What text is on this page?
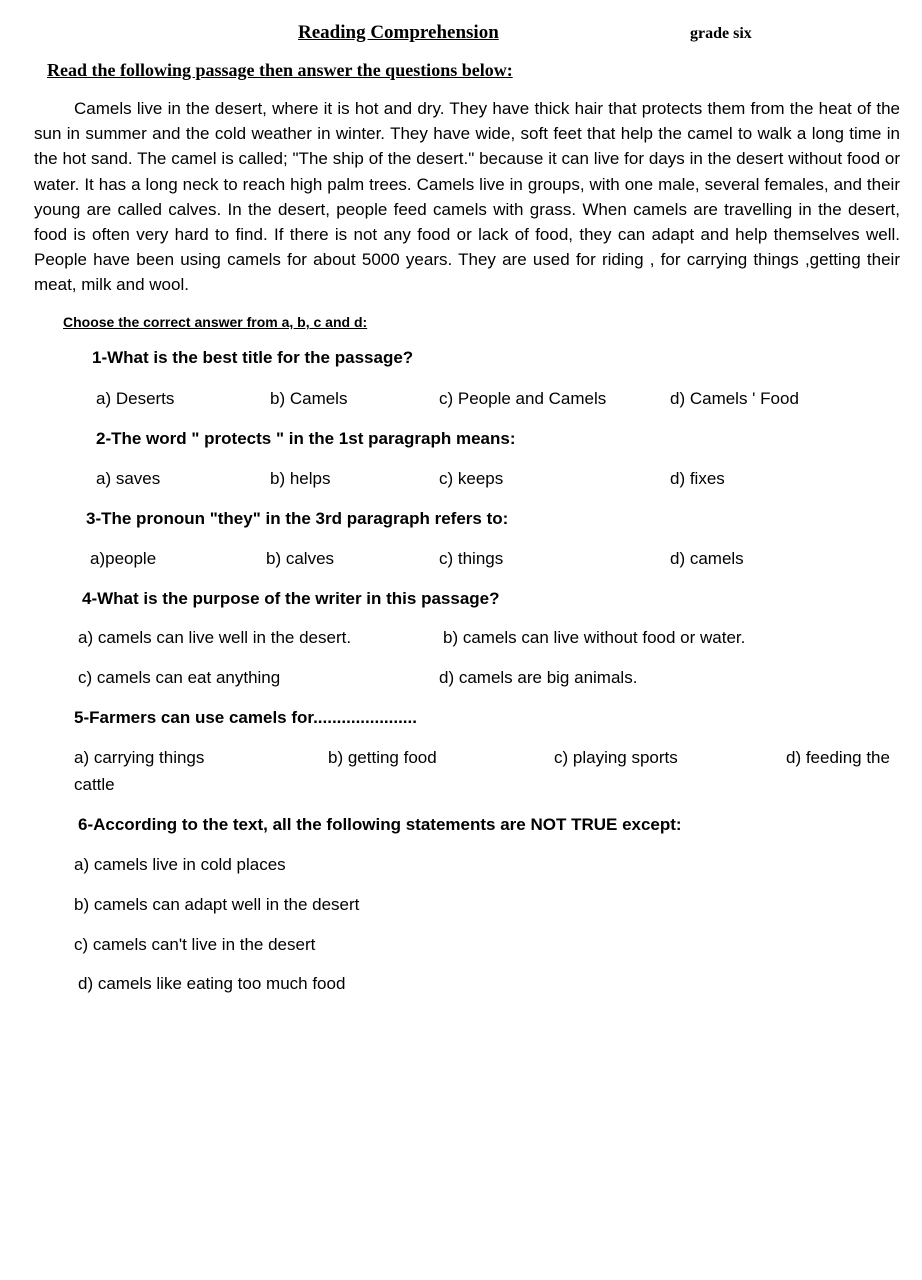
Reading Comprehension	grade six
Read the following passage then answer the questions below:
Camels live in the desert, where it is hot and dry. They have thick hair that protects them from the heat of the sun in summer and the cold weather in winter. They have wide, soft feet that help the camel to walk a long time in the hot sand. The camel is called; "The ship of the desert." because it can live for days in the desert without food or water. It has a long neck to reach high palm trees. Camels live in groups, with one male, several females, and their young are called calves. In the desert, people feed camels with grass. When camels are travelling in the desert, food is often very hard to find. If there is not any food or lack of food, they can adapt and help themselves well. People have been using camels for about 5000 years. They are used for riding , for carrying things ,getting their meat, milk and wool.
Choose the correct answer from a, b, c and d:
1-What is the best title for the passage?
a) Deserts	b) Camels	c) People and Camels	d) Camels ' Food
2-The word " protects " in the 1st paragraph means:
a) saves	b) helps	c) keeps	d) fixes
3-The pronoun "they" in the 3rd paragraph refers to:
a)people	b) calves	c) things	d) camels
4-What is the purpose of the writer in this passage?
a) camels can live well in the desert.	b) camels can live without food or water.
c) camels can eat anything	d) camels are big animals.
5-Farmers can use camels for......................
a) carrying things	b) getting food	c) playing sports	d) feeding the
cattle
6-According to the text, all the following statements are NOT TRUE except:
a) camels live in cold places
b) camels can adapt well in the desert
c) camels can't live in the desert
d) camels like eating too much food
